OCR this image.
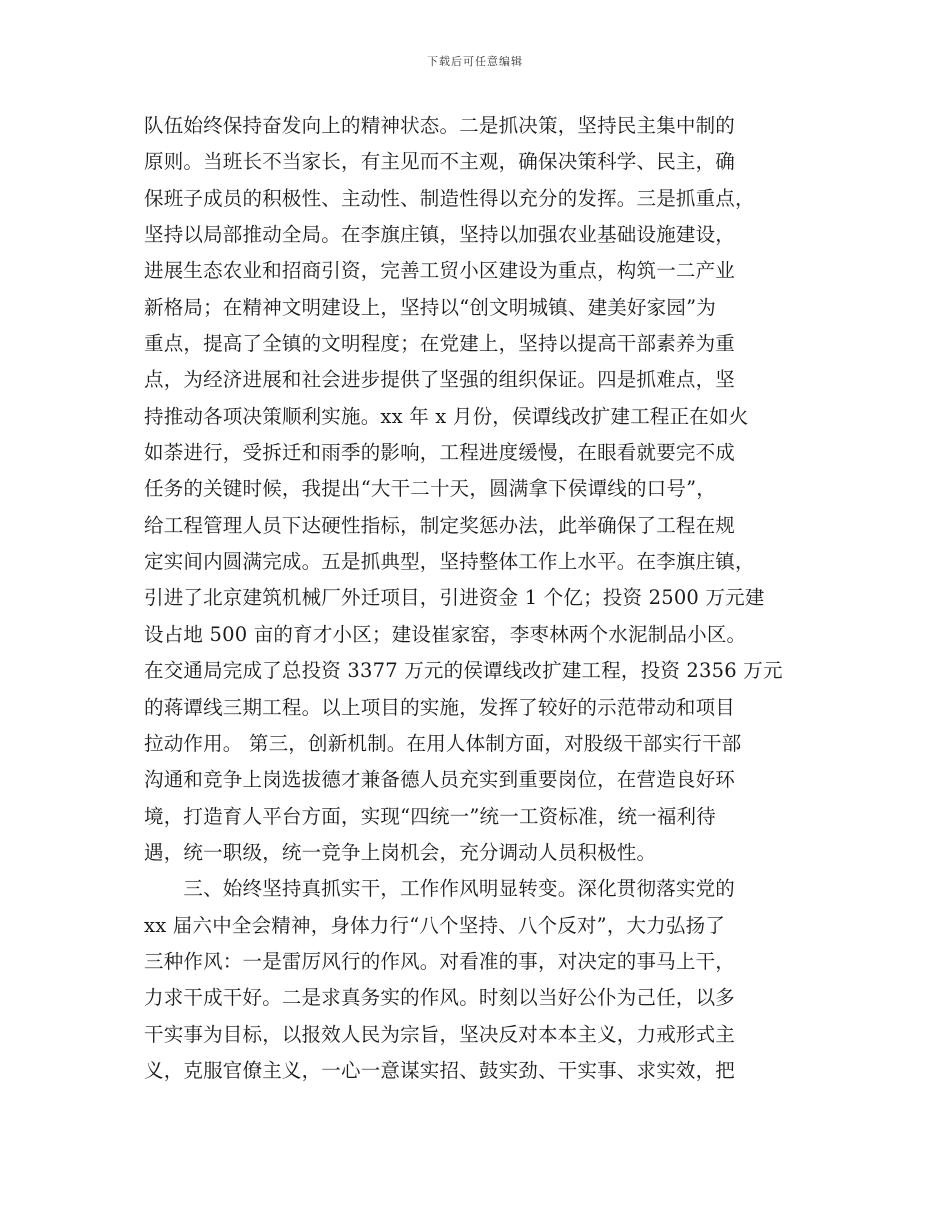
下载后可任意编辑
队伍始终保持奋发向上的精神状态。二是抓决策，坚持民主集中制的
原则。当班长不当家长，有主见而不主观，确保决策科学、民主，确
保班子成员的积极性、主动性、制造性得以充分的发挥。三是抓重点，
坚持以局部推动全局。在李旗庄镇，坚持以加强农业基础设施建设，
进展生态农业和招商引资，完善工贸小区建设为重点，构筑一二产业
新格局；在精神文明建设上，坚持以“创文明城镇、建美好家园”为
重点，提高了全镇的文明程度；在党建上，坚持以提高干部素养为重
点，为经济进展和社会进步提供了坚强的组织保证。四是抓难点，坚
持推动各项决策顺利实施。xx 年 x 月份，侯谭线改扩建工程正在如火
如荼进行，受拆迁和雨季的影响，工程进度缓慢，在眼看就要完不成
任务的关键时候，我提出“大干二十天，圆满拿下侯谭线的口号”，
给工程管理人员下达硬性指标，制定奖惩办法，此举确保了工程在规
定实间内圆满完成。五是抓典型，坚持整体工作上水平。在李旗庄镇，
引进了北京建筑机械厂外迁项目，引进资金 1 个亿；投资 2500 万元建
设占地 500 亩的育才小区；建设崔家窑，李枣林两个水泥制品小区。
在交通局完成了总投资 3377 万元的侯谭线改扩建工程，投资 2356 万元
的蒋谭线三期工程。以上项目的实施，发挥了较好的示范带动和项目
拉动作用。 第三，创新机制。在用人体制方面，对股级干部实行干部
沟通和竞争上岗选拔德才兼备德人员充实到重要岗位，在营造良好环
境，打造育人平台方面，实现“四统一”统一工资标准，统一福利待
遇，统一职级，统一竞争上岗机会，充分调动人员积极性。
　　三、始终坚持真抓实干，工作作风明显转变。深化贯彻落实党的
xx 届六中全会精神，身体力行“八个坚持、八个反对”，大力弘扬了
三种作风：一是雷厉风行的作风。对看准的事，对决定的事马上干，
力求干成干好。二是求真务实的作风。时刻以当好公仆为己任，以多
干实事为目标，以报效人民为宗旨，坚决反对本本主义，力戒形式主
义，克服官僚主义，一心一意谋实招、鼓实劲、干实事、求实效，把
